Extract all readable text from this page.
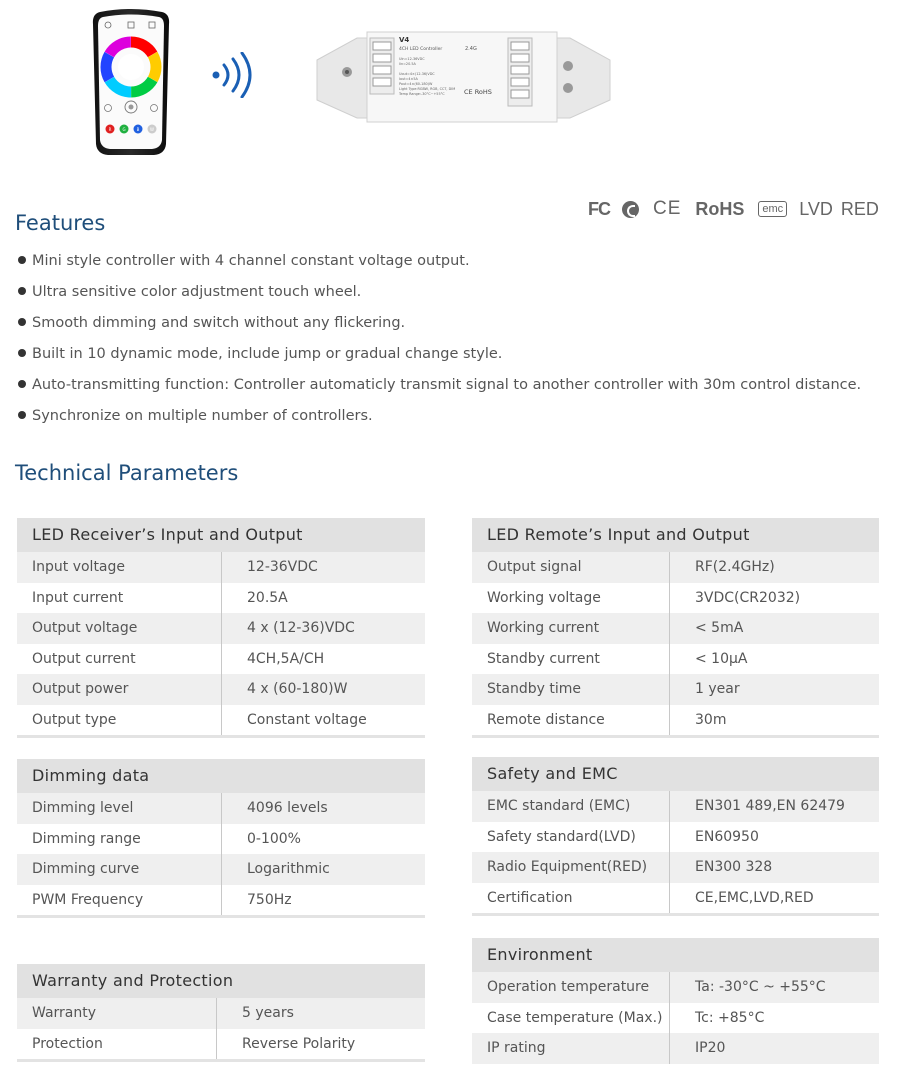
R	G	B	W
V4
4CH LED Controller	2.4G
Uin=12-36VDC
Iin=20.5A
Uout=4×(12-36)VDC
Iout=4×5A
Pout=4×(60-180)W
Light Type:RGBW, RGB, CCT, DIM
Temp Range:-30°C~+55°C	CE RoHS
FC CE RoHS	emc LVD RED
Features
Mini style controller with 4 channel constant voltage output.
Ultra sensitive color adjustment touch wheel.
Smooth dimming and switch without any flickering.
Built in 10 dynamic mode, include jump or gradual change style.
Auto-transmitting function: Controller automaticly transmit signal to another controller with 30m control distance.
Synchronize on multiple number of controllers.
Technical Parameters
LED Receiver’s Input and Output
Input voltage	12-36VDC
Input current	20.5A
Output voltage	4 x (12-36)VDC
Output current	4CH,5A/CH
Output power	4 x (60-180)W
Output type	Constant voltage
Dimming data
Dimming level	4096 levels
Dimming range	0-100%
Dimming curve	Logarithmic
PWM Frequency	750Hz
Warranty and Protection
Warranty	5 years
Protection	Reverse Polarity
LED Remote’s Input and Output
Output signal	RF(2.4GHz)
Working voltage	3VDC(CR2032)
Working current	< 5mA
Standby current	< 10μA
Standby time	1 year
Remote distance	30m
Safety and EMC
EMC standard (EMC)	EN301 489,EN 62479
Safety standard(LVD)	EN60950
Radio Equipment(RED)	EN300 328
Certification	CE,EMC,LVD,RED
Environment
Operation temperature	Ta: -30°C ~ +55°C
Case temperature (Max.)	Tc: +85°C
IP rating	IP20
